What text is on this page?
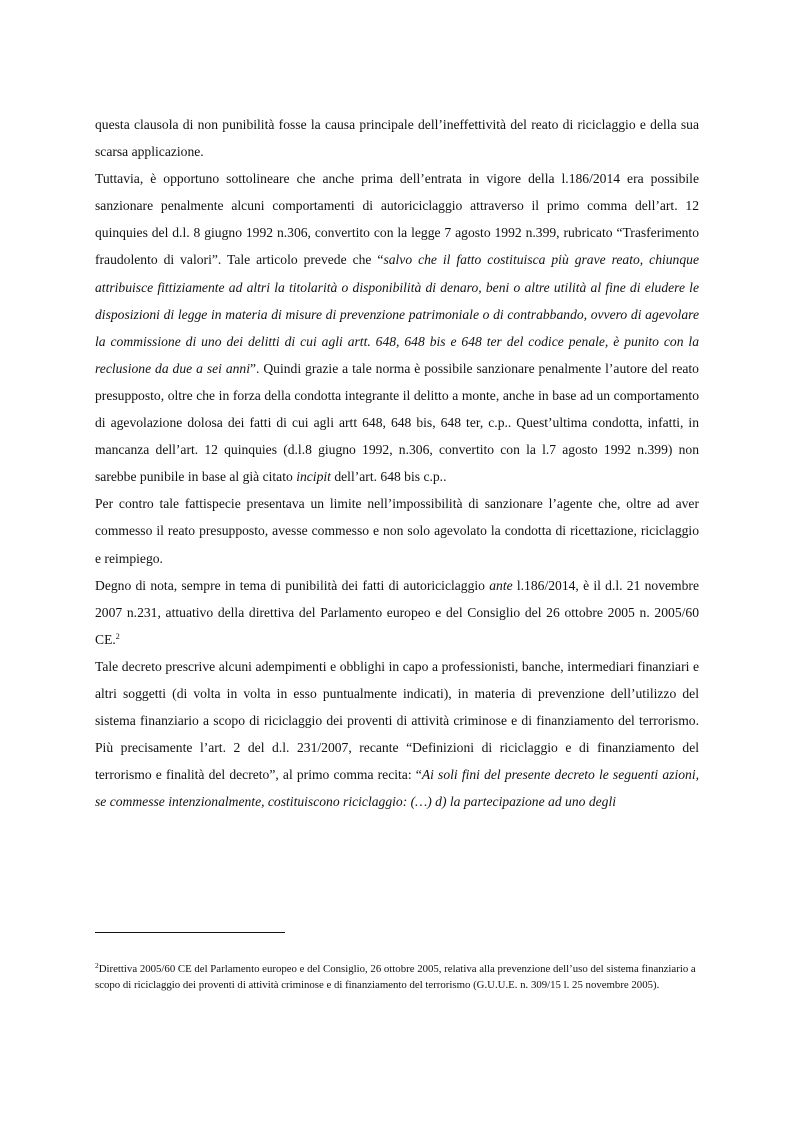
questa clausola di non punibilità fosse la causa principale dell’ineffettività del reato di riciclaggio e della sua scarsa applicazione.

Tuttavia, è opportuno sottolineare che anche prima dell’entrata in vigore della l.186/2014 era possibile sanzionare penalmente alcuni comportamenti di autoriciclaggio attraverso il primo comma dell’art. 12 quinquies del d.l. 8 giugno 1992 n.306, convertito con la legge 7 agosto 1992 n.399, rubricato “Trasferimento fraudolento di valori”. Tale articolo prevede che “salvo che il fatto costituisca più grave reato, chiunque attribuisce fittiziamente ad altri la titolarità o disponibilità di denaro, beni o altre utilità al fine di eludere le disposizioni di legge in materia di misure di prevenzione patrimoniale o di contrabbando, ovvero di agevolare la commissione di uno dei delitti di cui agli artt. 648, 648 bis e 648 ter del codice penale, è punito con la reclusione da due a sei anni”. Quindi grazie a tale norma è possibile sanzionare penalmente l’autore del reato presupposto, oltre che in forza della condotta integrante il delitto a monte, anche in base ad un comportamento di agevolazione dolosa dei fatti di cui agli artt 648, 648 bis, 648 ter, c.p.. Quest’ultima condotta, infatti, in mancanza dell’art. 12 quinquies (d.l.8 giugno 1992, n.306, convertito con la l.7 agosto 1992 n.399) non sarebbe punibile in base al già citato incipit dell’art. 648 bis c.p..

Per contro tale fattispecie presentava un limite nell’impossibilità di sanzionare l’agente che, oltre ad aver commesso il reato presupposto, avesse commesso e non solo agevolato la condotta di ricettazione, riciclaggio e reimpiego.

Degno di nota, sempre in tema di punibilità dei fatti di autoriciclaggio ante l.186/2014, è il d.l. 21 novembre 2007 n.231, attuativo della direttiva del Parlamento europeo e del Consiglio del 26 ottobre 2005 n. 2005/60 CE.$^2$

Tale decreto prescrive alcuni adempimenti e obblighi in capo a professionisti, banche, intermediari finanziari e altri soggetti (di volta in volta in esso puntualmente indicati), in materia di prevenzione dell’utilizzo del sistema finanziario a scopo di riciclaggio dei proventi di attività criminose e di finanziamento del terrorismo. Più precisamente l’art. 2 del d.l. 231/2007, recante “Definizioni di riciclaggio e di finanziamento del terrorismo e finalità del decreto”, al primo comma recita: “Ai soli fini del presente decreto le seguenti azioni, se commesse intenzionalmente, costituiscono riciclaggio: (…) d) la partecipazione ad uno degli

$^2$Direttiva 2005/60 CE del Parlamento europeo e del Consiglio, 26 ottobre 2005, relativa alla prevenzione dell’uso del sistema finanziario a scopo di riciclaggio dei proventi di attività criminose e di finanziamento del terrorismo (G.U.U.E. n. 309/15 l. 25 novembre 2005).
